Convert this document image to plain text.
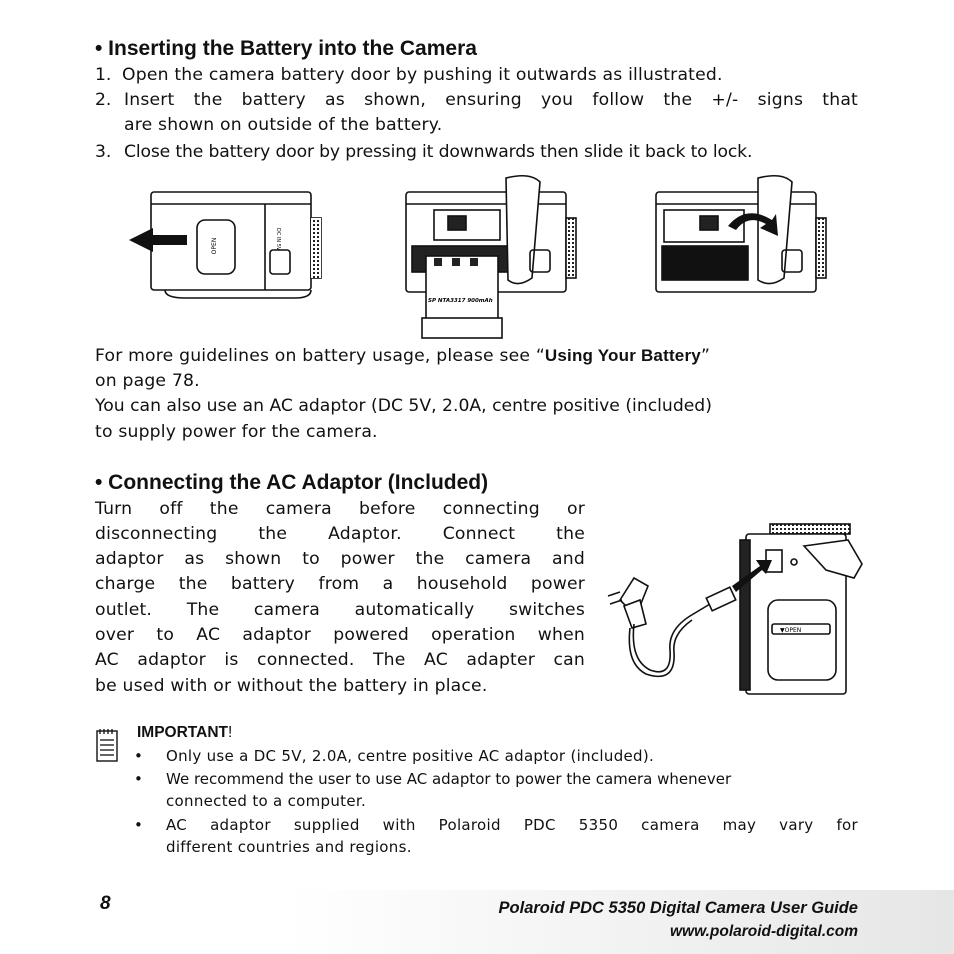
• Inserting the Battery into the Camera
1. Open the camera battery door by pushing it outwards as illustrated.
2. Insert the battery as shown, ensuring you follow the +/- signs that
are shown on outside of the battery.
3. Close the battery door by pressing it downwards then slide it back to lock.
OPEN	DC IN 5V
SP NTA3317 900mAh
For more guidelines on battery usage, please see “Using Your Battery”
on page 78.
You can also use an AC adaptor (DC 5V, 2.0A, centre positive (included)
to supply power for the camera.
• Connecting the AC Adaptor (Included)
Turn off the camera before connecting or
disconnecting the Adaptor. Connect the
adaptor as shown to power the camera and
charge the battery from a household power
outlet. The camera automatically switches
over to AC adaptor powered operation when
AC adaptor is connected. The AC adapter can
be used with or without the battery in place.
▼OPEN
IMPORTANT!
• Only use a DC 5V, 2.0A, centre positive AC adaptor (included).
• We recommend the user to use AC adaptor to power the camera whenever
connected to a computer.
• AC adaptor supplied with Polaroid PDC 5350 camera may vary for
different countries and regions.
8	Polaroid PDC 5350 Digital Camera User Guide
www.polaroid-digital.com
